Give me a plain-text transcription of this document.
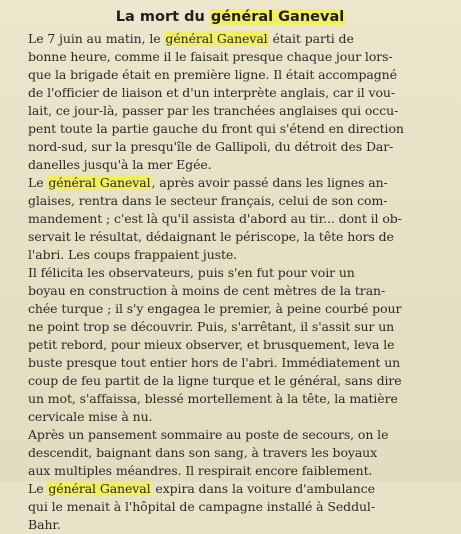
La mort du général Ganeval

Le 7 juin au matin, le général Ganeval était parti de
bonne heure, comme il le faisait presque chaque jour lors-
que la brigade était en première ligne. Il était accompagné
de l'officier de liaison et d'un interprète anglais, car il vou-
lait, ce jour-là, passer par les tranchées anglaises qui occu-
pent toute la partie gauche du front qui s'étend en direction
nord-sud, sur la presqu'île de Gallipoli, du détroit des Dar-
danelles jusqu'à la mer Egée.

Le général Ganeval, après avoir passé dans les lignes an-
glaises, rentra dans le secteur français, celui de son com-
mandement ; c'est là qu'il assista d'abord au tir... dont il ob-
servait le résultat, dédaignant le périscope, la tête hors de
l'abri. Les coups frappaient juste.

Il félicita les observateurs, puis s'en fut pour voir un
boyau en construction à moins de cent mètres de la tran-
chée turque ; il s'y engagea le premier, à peine courbé pour
ne point trop se découvrir. Puis, s'arrêtant, il s'assit sur un
petit rebord, pour mieux observer, et brusquement, leva le
buste presque tout entier hors de l'abri. Immédiatement un
coup de feu partit de la ligne turque et le général, sans dire
un mot, s'affaissa, blessé mortellement à la tête, la matière
cervicale mise à nu.

Après un pansement sommaire au poste de secours, on le
descendit, baignant dans son sang, à travers les boyaux
aux multiples méandres. Il respirait encore faiblement.

Le général Ganeval expira dans la voiture d'ambulance
qui le menait à l'hôpital de campagne installé à Seddul-
Bahr.
